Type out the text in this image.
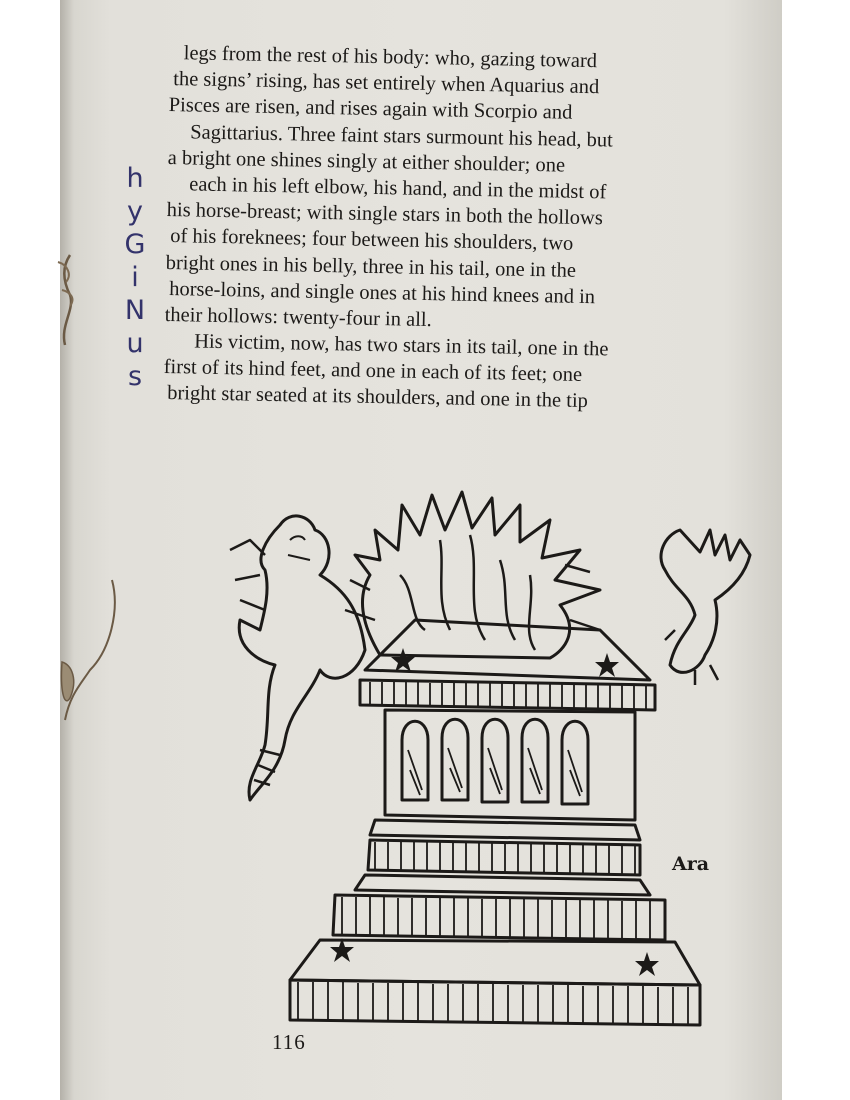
h
y
G
i
N
u
s
legs from the rest of his body: who, gazing toward
the signs’ rising, has set entirely when Aquarius and
Pisces are risen, and rises again with Scorpio and
Sagittarius. Three faint stars surmount his head, but
a bright one shines singly at either shoulder; one
each in his left elbow, his hand, and in the midst of
his horse-breast; with single stars in both the hollows
of his foreknees; four between his shoulders, two
bright ones in his belly, three in his tail, one in the
horse-loins, and single ones at his hind knees and in
their hollows: twenty-four in all.
His victim, now, has two stars in its tail, one in the
first of its hind feet, and one in each of its feet; one
bright star seated at its shoulders, and one in the tip
Ara
116
